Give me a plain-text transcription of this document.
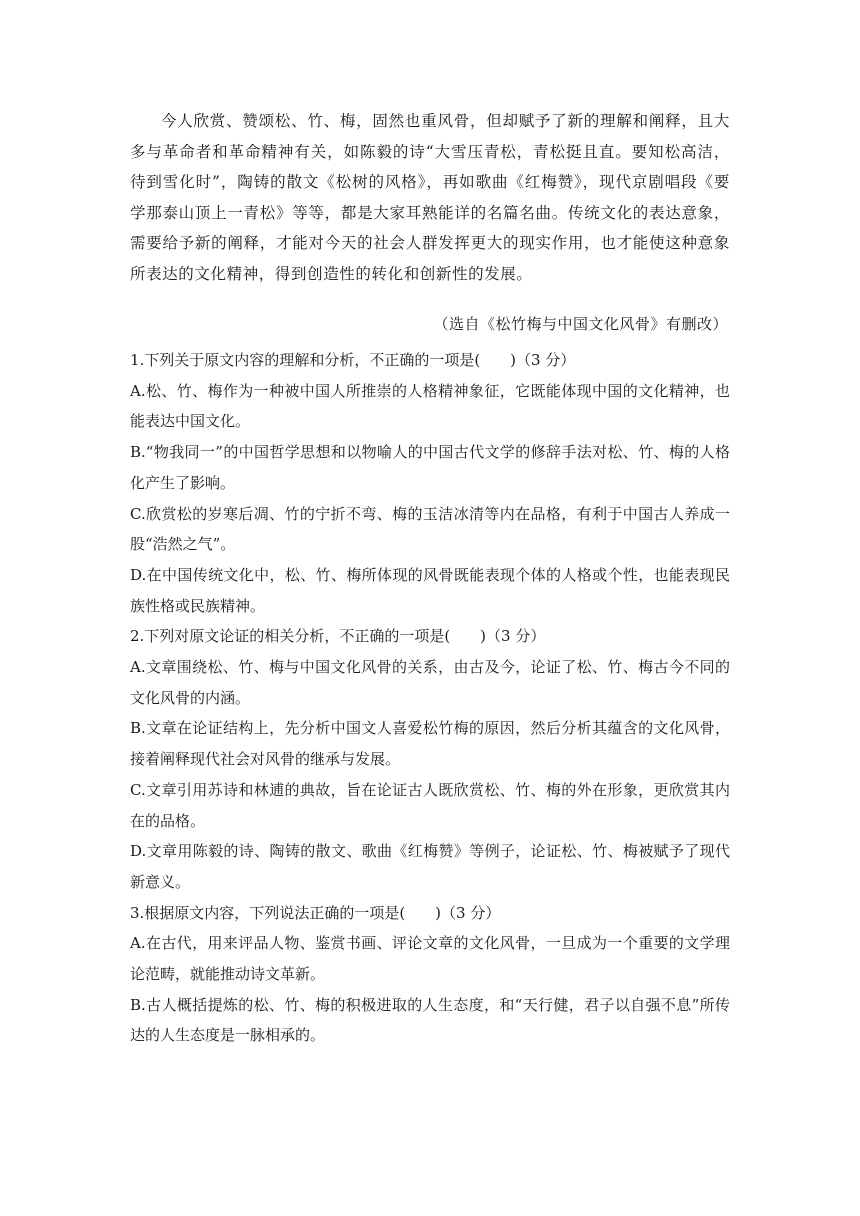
今人欣赏、赞颂松、竹、梅，固然也重风骨，但却赋予了新的理解和阐释，且大多与革命者和革命精神有关，如陈毅的诗“大雪压青松，青松挺且直。要知松高洁，待到雪化时”，陶铸的散文《松树的风格》，再如歌曲《红梅赞》，现代京剧唱段《要学那泰山顶上一青松》等等，都是大家耳熟能详的名篇名曲。传统文化的表达意象，需要给予新的阐释，才能对今天的社会人群发挥更大的现实作用，也才能使这种意象所表达的文化精神，得到创造性的转化和创新性的发展。

（选自《松竹梅与中国文化风骨》有删改）

1.下列关于原文内容的理解和分析，不正确的一项是(　　)（3 分）

A.松、竹、梅作为一种被中国人所推崇的人格精神象征，它既能体现中国的文化精神，也能表达中国文化。

B.“物我同一”的中国哲学思想和以物喻人的中国古代文学的修辞手法对松、竹、梅的人格化产生了影响。

C.欣赏松的岁寒后凋、竹的宁折不弯、梅的玉洁冰清等内在品格，有利于中国古人养成一股“浩然之气”。

D.在中国传统文化中，松、竹、梅所体现的风骨既能表现个体的人格或个性，也能表现民族性格或民族精神。

2.下列对原文论证的相关分析，不正确的一项是(　　)（3 分）

A.文章围绕松、竹、梅与中国文化风骨的关系，由古及今，论证了松、竹、梅古今不同的文化风骨的内涵。

B.文章在论证结构上，先分析中国文人喜爱松竹梅的原因，然后分析其蕴含的文化风骨，接着阐释现代社会对风骨的继承与发展。

C.文章引用苏诗和林逋的典故，旨在论证古人既欣赏松、竹、梅的外在形象，更欣赏其内在的品格。

D.文章用陈毅的诗、陶铸的散文、歌曲《红梅赞》等例子，论证松、竹、梅被赋予了现代新意义。

3.根据原文内容，下列说法正确的一项是(　　)（3 分）

A.在古代，用来评品人物、鉴赏书画、评论文章的文化风骨，一旦成为一个重要的文学理论范畴，就能推动诗文革新。

B.古人概括提炼的松、竹、梅的积极进取的人生态度，和“天行健，君子以自强不息”所传达的人生态度是一脉相承的。
